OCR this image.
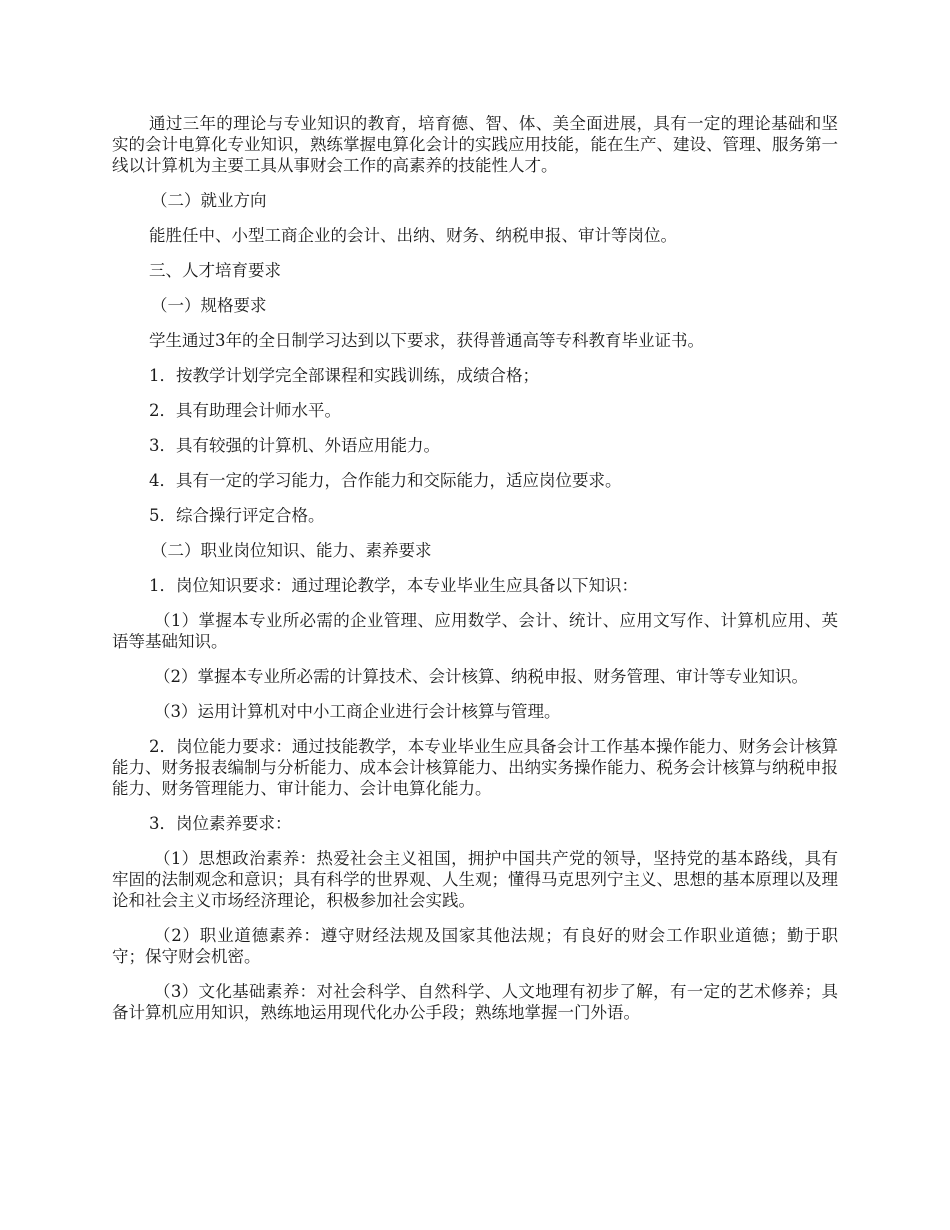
通过三年的理论与专业知识的教育，培育德、智、体、美全面进展，具有一定的理论基础和坚实的会计电算化专业知识，熟练掌握电算化会计的实践应用技能，能在生产、建设、管理、服务第一线以计算机为主要工具从事财会工作的高素养的技能性人才。

（二）就业方向

能胜任中、小型工商企业的会计、出纳、财务、纳税申报、审计等岗位。

三、人才培育要求

（一）规格要求

学生通过3年的全日制学习达到以下要求，获得普通高等专科教育毕业证书。

1．按教学计划学完全部课程和实践训练，成绩合格；

2．具有助理会计师水平。

3．具有较强的计算机、外语应用能力。

4．具有一定的学习能力，合作能力和交际能力，适应岗位要求。

5．综合操行评定合格。

（二）职业岗位知识、能力、素养要求

1．岗位知识要求：通过理论教学，本专业毕业生应具备以下知识：

（1）掌握本专业所必需的企业管理、应用数学、会计、统计、应用文写作、计算机应用、英语等基础知识。

（2）掌握本专业所必需的计算技术、会计核算、纳税申报、财务管理、审计等专业知识。

（3）运用计算机对中小工商企业进行会计核算与管理。

2．岗位能力要求：通过技能教学，本专业毕业生应具备会计工作基本操作能力、财务会计核算能力、财务报表编制与分析能力、成本会计核算能力、出纳实务操作能力、税务会计核算与纳税申报能力、财务管理能力、审计能力、会计电算化能力。

3．岗位素养要求：

（1）思想政治素养：热爱社会主义祖国，拥护中国共产党的领导，坚持党的基本路线，具有牢固的法制观念和意识；具有科学的世界观、人生观；懂得马克思列宁主义、思想的基本原理以及理论和社会主义市场经济理论，积极参加社会实践。

（2）职业道德素养：遵守财经法规及国家其他法规；有良好的财会工作职业道德；勤于职守；保守财会机密。

（3）文化基础素养：对社会科学、自然科学、人文地理有初步了解，有一定的艺术修养；具备计算机应用知识，熟练地运用现代化办公手段；熟练地掌握一门外语。
